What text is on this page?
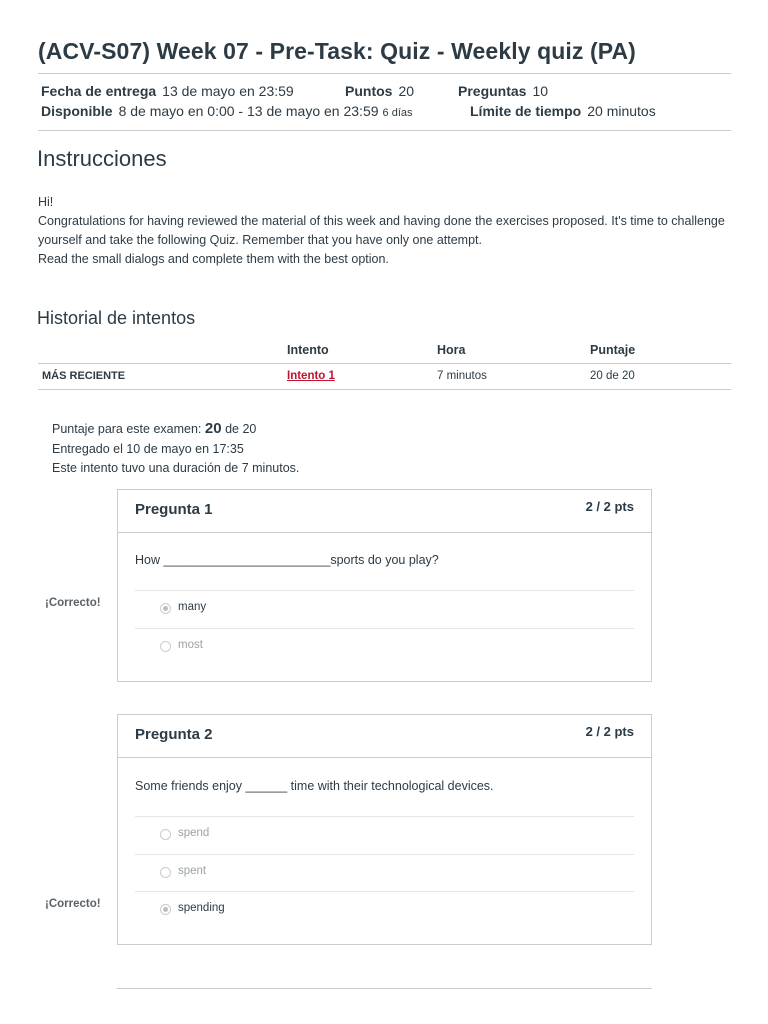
(ACV-S07) Week 07 - Pre-Task: Quiz - Weekly quiz (PA)
Fecha de entrega 13 de mayo en 23:59	Puntos 20	Preguntas 10
Disponible 8 de mayo en 0:00 - 13 de mayo en 23:59 6 días	Límite de tiempo 20 minutos
Instrucciones

Hi!

Congratulations for having reviewed the material of this week and having done the exercises proposed. It's time to challenge yourself and take the following Quiz. Remember that you have only one attempt.

Read the small dialogs and complete them with the best option.

Historial de intentos
	Intento	Hora	Puntaje
MÁS RECIENTE	Intento 1	7 minutos	20 de 20

Puntaje para este examen: 20 de 20

Entregado el 10 de mayo en 17:35

Este intento tuvo una duración de 7 minutos.

¡Correcto!
Pregunta 1	2 / 2 pts
How ________________________sports do you play?
many
most
¡Correcto!
Pregunta 2	2 / 2 pts
Some friends enjoy ______ time with their technological devices.
spend
spent
spending
